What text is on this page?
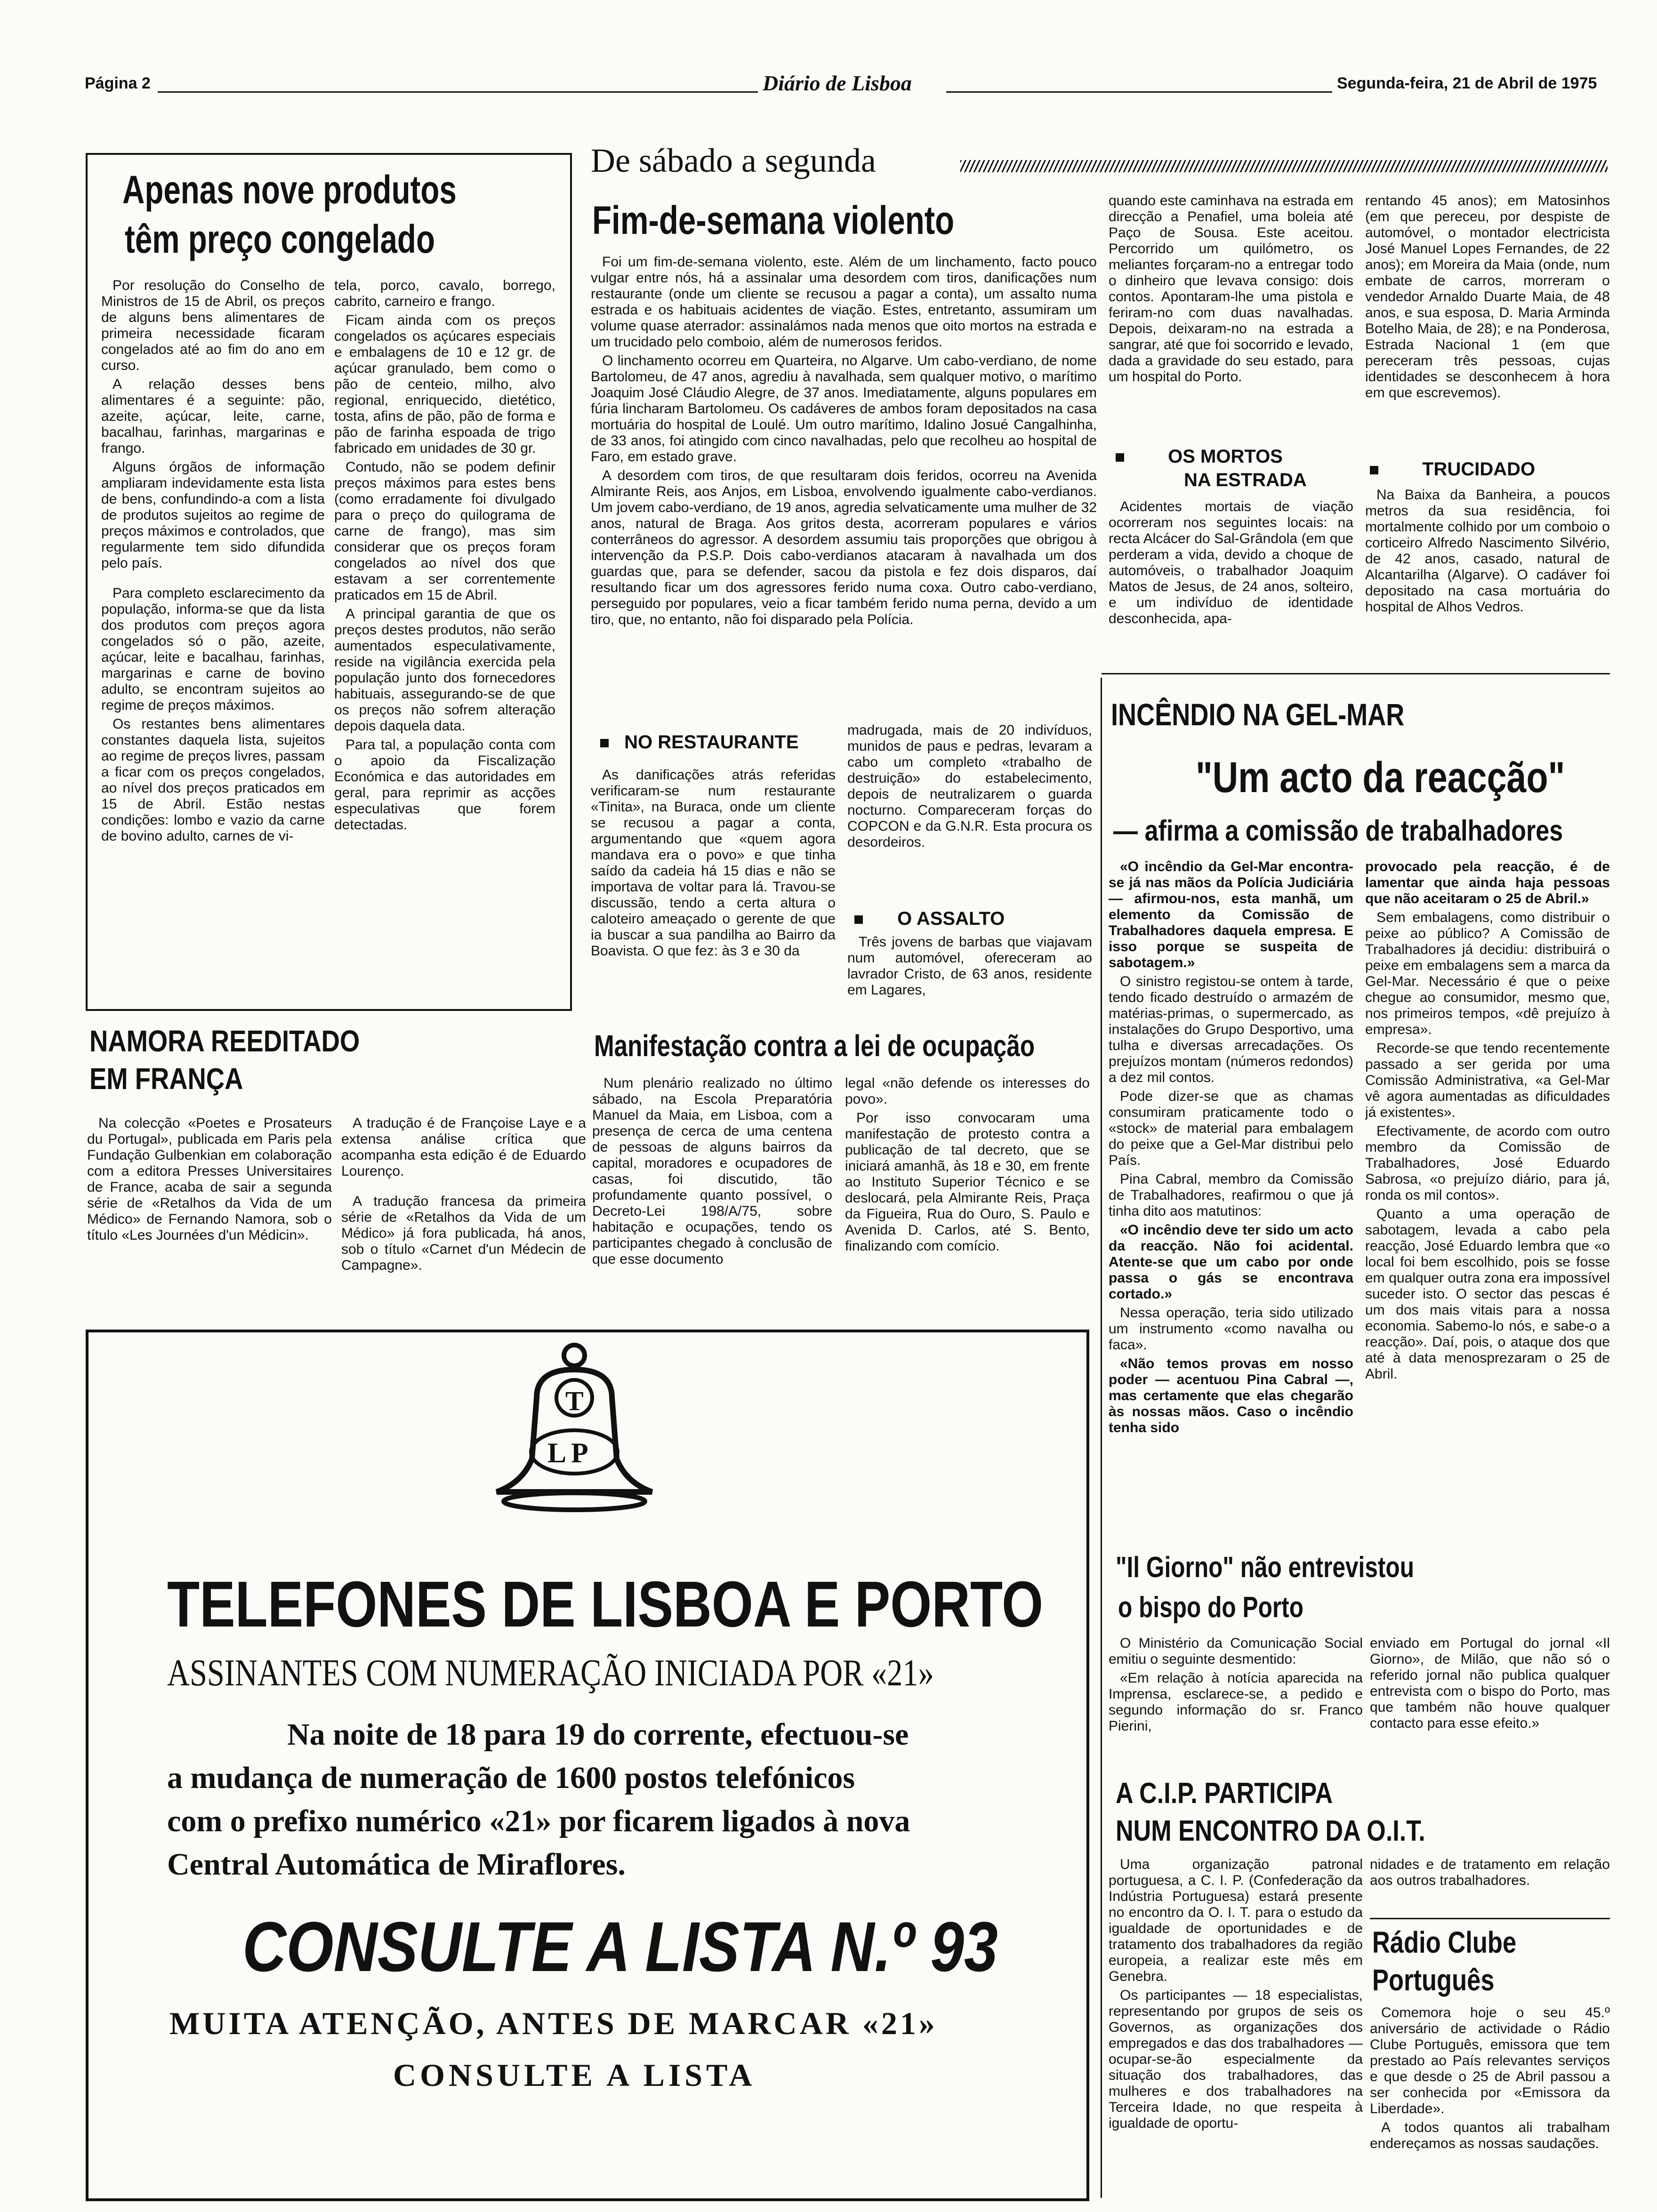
Página 2	Diário de Lisboa	Segunda-feira, 21 de Abril de 1975
Apenas nove produtos
têm preço congelado

Por resolução do Conselho de Ministros de 15 de Abril, os preços de alguns bens alimentares de primeira necessidade ficaram congelados até ao fim do ano em curso.

A relação desses bens alimentares é a seguinte: pão, azeite, açúcar, leite, carne, bacalhau, farinhas, margarinas e frango.

Alguns órgãos de informação ampliaram indevidamente esta lista de bens, confundindo-a com a lista de produtos sujeitos ao regime de preços máximos e controlados, que regularmente tem sido difundida pelo país.

Para completo esclarecimento da população, informa-se que da lista dos produtos com preços agora congelados só o pão, azeite, açúcar, leite e bacalhau, farinhas, margarinas e carne de bovino adulto, se encontram sujeitos ao regime de preços máximos.

Os restantes bens alimentares constantes daquela lista, sujeitos ao regime de preços livres, passam a ficar com os preços congelados, ao nível dos preços praticados em 15 de Abril. Estão nestas condições: lombo e vazio da carne de bovino adulto, carnes de vi-

tela, porco, cavalo, borrego, cabrito, carneiro e frango.

Ficam ainda com os preços congelados os açúcares especiais e embalagens de 10 e 12 gr. de açúcar granulado, bem como o pão de centeio, milho, alvo regional, enriquecido, dietético, tosta, afins de pão, pão de forma e pão de farinha espoada de trigo fabricado em unidades de 30 gr.

Contudo, não se podem definir preços máximos para estes bens (como erradamente foi divulgado para o preço do quilograma de carne de frango), mas sim considerar que os preços foram congelados ao nível dos que estavam a ser correntemente praticados em 15 de Abril.

A principal garantia de que os preços destes produtos, não serão aumentados especulativamente, reside na vigilância exercida pela população junto dos fornecedores habituais, assegurando-se de que os preços não sofrem alteração depois daquela data.

Para tal, a população conta com o apoio da Fiscalização Económica e das autoridades em geral, para reprimir as acções especulativas que forem detectadas.

De sábado a segunda
Fim-de-semana violento

Foi um fim-de-semana violento, este. Além de um linchamento, facto pouco vulgar entre nós, há a assinalar uma desordem com tiros, danificações num restaurante (onde um cliente se recusou a pagar a conta), um assalto numa estrada e os habituais acidentes de viação. Estes, entretanto, assumiram um volume quase aterrador: assinalámos nada menos que oito mortos na estrada e um trucidado pelo comboio, além de numerosos feridos.

O linchamento ocorreu em Quarteira, no Algarve. Um cabo-verdiano, de nome Bartolomeu, de 47 anos, agrediu à navalhada, sem qualquer motivo, o marítimo Joaquim José Cláudio Alegre, de 37 anos. Imediatamente, alguns populares em fúria lincharam Bartolomeu. Os cadáveres de ambos foram depositados na casa mortuária do hospital de Loulé. Um outro marítimo, Idalino Josué Cangalhinha, de 33 anos, foi atingido com cinco navalhadas, pelo que recolheu ao hospital de Faro, em estado grave.

A desordem com tiros, de que resultaram dois feridos, ocorreu na Avenida Almirante Reis, aos Anjos, em Lisboa, envolvendo igualmente cabo-verdianos. Um jovem cabo-verdiano, de 19 anos, agredia selvaticamente uma mulher de 32 anos, natural de Braga. Aos gritos desta, acorreram populares e vários conterrâneos do agressor. A desordem assumiu tais proporções que obrigou à intervenção da P.S.P. Dois cabo-verdianos atacaram à navalhada um dos guardas que, para se defender, sacou da pistola e fez dois disparos, daí resultando ficar um dos agressores ferido numa coxa. Outro cabo-verdiano, perseguido por populares, veio a ficar também ferido numa perna, devido a um tiro, que, no entanto, não foi disparado pela Polícia.

quando este caminhava na estrada em direcção a Penafiel, uma boleia até Paço de Sousa. Este aceitou. Percorrido um quilómetro, os meliantes forçaram-no a entregar todo o dinheiro que levava consigo: dois contos. Apontaram-lhe uma pistola e feriram-no com duas navalhadas. Depois, deixaram-no na estrada a sangrar, até que foi socorrido e levado, dada a gravidade do seu estado, para um hospital do Porto.

OS MORTOS
NA ESTRADA

Acidentes mortais de viação ocorreram nos seguintes locais: na recta Alcácer do Sal-Grândola (em que perderam a vida, devido a choque de automóveis, o trabalhador Joaquim Matos de Jesus, de 24 anos, solteiro, e um indivíduo de identidade desconhecida, apa-

rentando 45 anos); em Matosinhos (em que pereceu, por despiste de automóvel, o montador electricista José Manuel Lopes Fernandes, de 22 anos); em Moreira da Maia (onde, num embate de carros, morreram o vendedor Arnaldo Duarte Maia, de 48 anos, e sua esposa, D. Maria Arminda Botelho Maia, de 28); e na Ponderosa, Estrada Nacional 1 (em que pereceram três pessoas, cujas identidades se desconhecem à hora em que escrevemos).

TRUCIDADO

Na Baixa da Banheira, a poucos metros da sua residência, foi mortalmente colhido por um comboio o corticeiro Alfredo Nascimento Silvério, de 42 anos, casado, natural de Alcantarilha (Algarve). O cadáver foi depositado na casa mortuária do hospital de Alhos Vedros.

NO RESTAURANTE

As danificações atrás referidas verificaram-se num restaurante «Tinita», na Buraca, onde um cliente se recusou a pagar a conta, argumentando que «quem agora mandava era o povo» e que tinha saído da cadeia há 15 dias e não se importava de voltar para lá. Travou-se discussão, tendo a certa altura o caloteiro ameaçado o gerente de que ia buscar a sua pandilha ao Bairro da Boavista. O que fez: às 3 e 30 da

madrugada, mais de 20 indivíduos, munidos de paus e pedras, levaram a cabo um completo «trabalho de destruição» do estabelecimento, depois de neutralizarem o guarda nocturno. Compareceram forças do COPCON e da G.N.R. Esta procura os desordeiros.

O ASSALTO

Três jovens de barbas que viajavam num automóvel, ofereceram ao lavrador Cristo, de 63 anos, residente em Lagares,

NAMORA REEDITADO
EM FRANÇA

Na colecção «Poetes e Prosateurs du Portugal», publicada em Paris pela Fundação Gulbenkian em colaboração com a editora Presses Universitaires de France, acaba de sair a segunda série de «Retalhos da Vida de um Médico» de Fernando Namora, sob o título «Les Journées d'un Médicin».

A tradução é de Françoise Laye e a extensa análise crítica que acompanha esta edição é de Eduardo Lourenço.

A tradução francesa da primeira série de «Retalhos da Vida de um Médico» já fora publicada, há anos, sob o título «Carnet d'un Médecin de Campagne».

Manifestação contra a lei de ocupação

Num plenário realizado no último sábado, na Escola Preparatória Manuel da Maia, em Lisboa, com a presença de cerca de uma centena de pessoas de alguns bairros da capital, moradores e ocupadores de casas, foi discutido, tão profundamente quanto possível, o Decreto-Lei 198/A/75, sobre habitação e ocupações, tendo os participantes chegado à conclusão de que esse documento

legal «não defende os interesses do povo».

Por isso convocaram uma manifestação de protesto contra a publicação de tal decreto, que se iniciará amanhã, às 18 e 30, em frente ao Instituto Superior Técnico e se deslocará, pela Almirante Reis, Praça da Figueira, Rua do Ouro, S. Paulo e Avenida D. Carlos, até S. Bento, finalizando com comício.

INCÊNDIO NA GEL-MAR
"Um acto da reacção"
— afirma a comissão de trabalhadores

«O incêndio da Gel-Mar encontra-se já nas mãos da Polícia Judiciária — afirmou-nos, esta manhã, um elemento da Comissão de Trabalhadores daquela empresa. E isso porque se suspeita de sabotagem.»

O sinistro registou-se ontem à tarde, tendo ficado destruído o armazém de matérias-primas, o supermercado, as instalações do Grupo Desportivo, uma tulha e diversas arrecadações. Os prejuízos montam (números redondos) a dez mil contos.

Pode dizer-se que as chamas consumiram praticamente todo o «stock» de material para embalagem do peixe que a Gel-Mar distribui pelo País.

Pina Cabral, membro da Comissão de Trabalhadores, reafirmou o que já tinha dito aos matutinos:

«O incêndio deve ter sido um acto da reacção. Não foi acidental. Atente-se que um cabo por onde passa o gás se encontrava cortado.»

Nessa operação, teria sido utilizado um instrumento «como navalha ou faca».

«Não temos provas em nosso poder — acentuou Pina Cabral —, mas certamente que elas chegarão às nossas mãos. Caso o incêndio tenha sido

provocado pela reacção, é de lamentar que ainda haja pessoas que não aceitaram o 25 de Abril.»

Sem embalagens, como distribuir o peixe ao público? A Comissão de Trabalhadores já decidiu: distribuirá o peixe em embalagens sem a marca da Gel-Mar. Necessário é que o peixe chegue ao consumidor, mesmo que, nos primeiros tempos, «dê prejuízo à empresa».

Recorde-se que tendo recentemente passado a ser gerida por uma Comissão Administrativa, «a Gel-Mar vê agora aumentadas as dificuldades já existentes».

Efectivamente, de acordo com outro membro da Comissão de Trabalhadores, José Eduardo Sabrosa, «o prejuízo diário, para já, ronda os mil contos».

Quanto a uma operação de sabotagem, levada a cabo pela reacção, José Eduardo lembra que «o local foi bem escolhido, pois se fosse em qualquer outra zona era impossível suceder isto. O sector das pescas é um dos mais vitais para a nossa economia. Sabemo-lo nós, e sabe-o a reacção». Daí, pois, o ataque dos que até à data menosprezaram o 25 de Abril.

"Il Giorno" não entrevistou
o bispo do Porto

O Ministério da Comunicação Social emitiu o seguinte desmentido:

«Em relação à notícia aparecida na Imprensa, esclarece-se, a pedido e segundo informação do sr. Franco Pierini,

enviado em Portugal do jornal «Il Giorno», de Milão, que não só o referido jornal não publica qualquer entrevista com o bispo do Porto, mas que também não houve qualquer contacto para esse efeito.»

A C.I.P. PARTICIPA
NUM ENCONTRO DA O.I.T.

Uma organização patronal portuguesa, a C. I. P. (Confederação da Indústria Portuguesa) estará presente no encontro da O. I. T. para o estudo da igualdade de oportunidades e de tratamento dos trabalhadores da região europeia, a realizar este mês em Genebra.

Os participantes — 18 especialistas, representando por grupos de seis os Governos, as organizações dos empregados e das dos trabalhadores — ocupar-se-ão especialmente da situação dos trabalhadores, das mulheres e dos trabalhadores na Terceira Idade, no que respeita à igualdade de oportu-

nidades e de tratamento em relação aos outros trabalhadores.

Rádio Clube
Português

Comemora hoje o seu 45.º aniversário de actividade o Rádio Clube Português, emissora que tem prestado ao País relevantes serviços e que desde o 25 de Abril passou a ser conhecida por «Emissora da Liberdade».

A todos quantos ali trabalham endereçamos as nossas saudações.

T
LP
TELEFONES DE LISBOA E PORTO
ASSINANTES COM NUMERAÇÃO INICIADA POR «21»
Na noite de 18 para 19 do corrente, efectuou-se
a mudança de numeração de 1600 postos telefónicos
com o prefixo numérico «21» por ficarem ligados à nova
Central Automática de Miraflores.
CONSULTE A LISTA N.º 93
MUITA ATENÇÃO, ANTES DE MARCAR «21»
CONSULTE A LISTA
